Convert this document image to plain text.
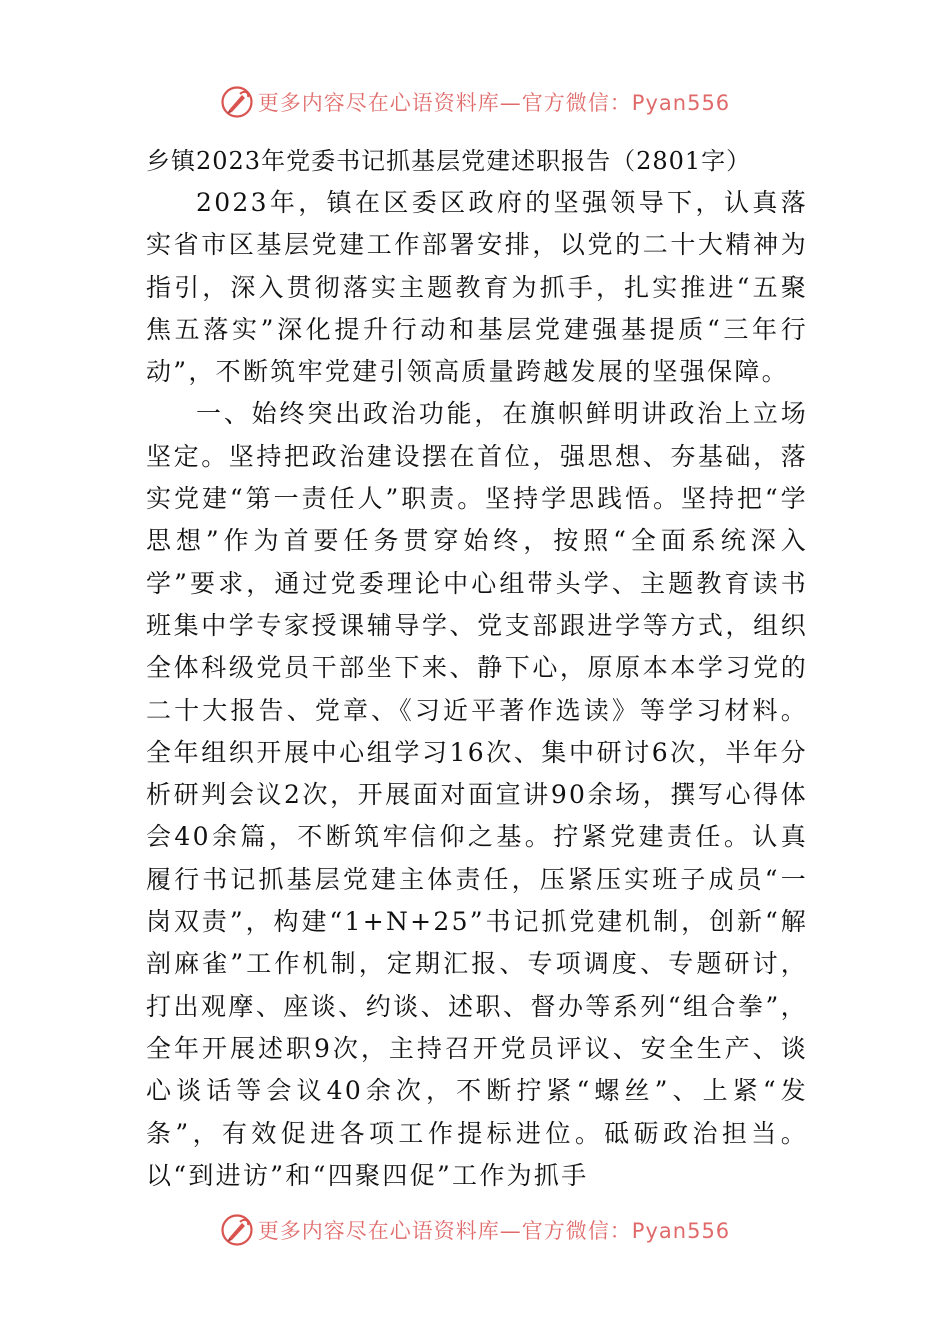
更多内容尽在心语资料库—官方微信：Pyan556
乡镇2023年党委书记抓基层党建述职报告（2801字）

2023年，镇在区委区政府的坚强领导下，认真落实省市区基层党建工作部署安排，以党的二十大精神为指引，深入贯彻落实主题教育为抓手，扎实推进“五聚焦五落实”深化提升行动和基层党建强基提质“三年行动”，不断筑牢党建引领高质量跨越发展的坚强保障。

一、始终突出政治功能，在旗帜鲜明讲政治上立场坚定。坚持把政治建设摆在首位，强思想、夯基础，落实党建“第一责任人”职责。坚持学思践悟。坚持把“学思想”作为首要任务贯穿始终，按照“全面系统深入学”要求，通过党委理论中心组带头学、主题教育读书班集中学专家授课辅导学、党支部跟进学等方式，组织全体科级党员干部坐下来、静下心，原原本本学习党的二十大报告、党章、《习近平著作选读》等学习材料。全年组织开展中心组学习16次、集中研讨6次，半年分析研判会议2次，开展面对面宣讲90余场，撰写心得体会40余篇，不断筑牢信仰之基。拧紧党建责任。认真履行书记抓基层党建主体责任，压紧压实班子成员“一岗双责”，构建“1+N+25”书记抓党建机制，创新“解剖麻雀”工作机制，定期汇报、专项调度、专题研讨，打出观摩、座谈、约谈、述职、督办等系列“组合拳”，全年开展述职9次，主持召开党员评议、安全生产、谈心谈话等会议40余次，不断拧紧“螺丝”、上紧“发条”，有效促进各项工作提标进位。砥砺政治担当。以“到进访”和“四聚四促”工作为抓手

更多内容尽在心语资料库—官方微信：Pyan556
